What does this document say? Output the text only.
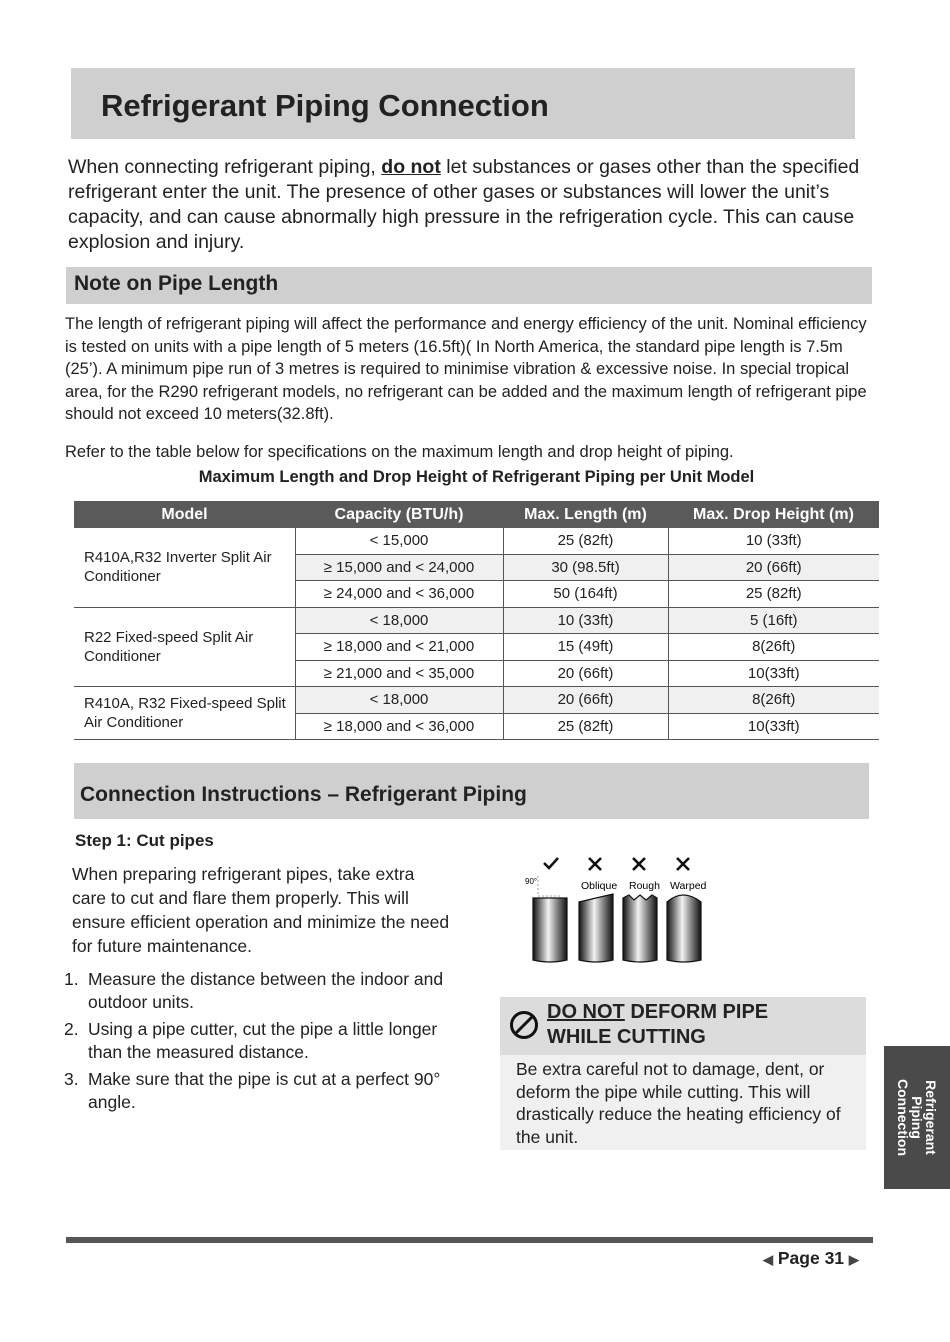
Refrigerant Piping Connection
When connecting refrigerant piping, do not let substances or gases other than the specified refrigerant enter the unit. The presence of other gases or substances will lower the unit’s capacity, and can cause abnormally high pressure in the refrigeration cycle. This can cause explosion and injury.
Note on Pipe Length
The length of refrigerant piping will affect the performance and energy efficiency of the unit. Nominal efficiency is tested on units with a pipe length of 5 meters (16.5ft)( In North America, the standard pipe length is 7.5m (25’). A minimum pipe run of 3 metres is required to minimise vibration & excessive noise. In special tropical area, for the R290 refrigerant models, no refrigerant can be added and the maximum length of refrigerant pipe should not exceed 10 meters(32.8ft).
Refer to the table below for specifications on the maximum length and drop height of piping.
Maximum Length and Drop Height of Refrigerant Piping per Unit Model
Model	Capacity (BTU/h)	Max. Length (m)	Max. Drop Height (m)
R410A,R32 Inverter Split Air Conditioner	< 15,000	25 (82ft)	10 (33ft)
	≥ 15,000 and < 24,000	30 (98.5ft)	20 (66ft)
	≥ 24,000 and < 36,000	50 (164ft)	25 (82ft)
R22 Fixed-speed Split Air Conditioner	< 18,000	10 (33ft)	5 (16ft)
	≥ 18,000 and < 21,000	15 (49ft)	8(26ft)
	≥ 21,000 and < 35,000	20 (66ft)	10(33ft)
R410A, R32 Fixed-speed Split Air Conditioner	< 18,000	20 (66ft)	8(26ft)
	≥ 18,000 and < 36,000	25 (82ft)	10(33ft)
Connection Instructions – Refrigerant Piping
Step 1: Cut pipes
When preparing refrigerant pipes, take extra care to cut and flare them properly. This will ensure efficient operation and minimize the need for future maintenance.
1. Measure the distance between the indoor and outdoor units.
2. Using a pipe cutter, cut the pipe a little longer than the measured distance.
3. Make sure that the pipe is cut at a perfect 90° angle.
90°	Oblique Rough Warped
DO NOT DEFORM PIPE
WHILE CUTTING

Be extra careful not to damage, dent, or deform the pipe while cutting. This will drastically reduce the heating efficiency of the unit.	Refrigerant
Piping
Connection
◀ Page 31 ▶
